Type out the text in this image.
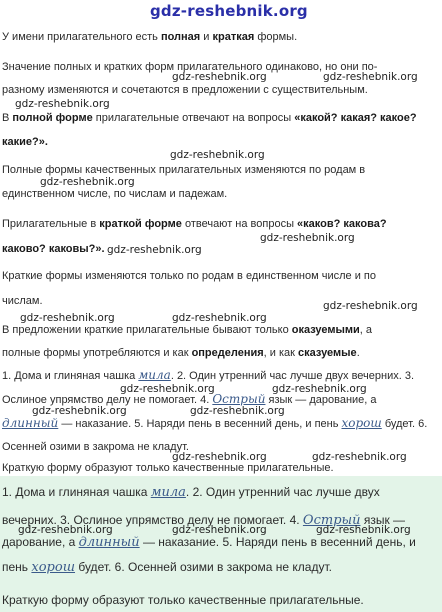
gdz-reshebnik.org
У имени прилагательного есть полная и краткая формы.
Значение полных и кратких форм прилагательного одинаково, но они по-
gdz-reshebnik.org	gdz-reshebnik.org
разному изменяются и сочетаются в предложении с существительным.
gdz-reshebnik.org
В полной форме прилагательные отвечают на вопросы «какой? какая? какое?
какие?».
gdz-reshebnik.org
Полные формы качественных прилагательных изменяются по родам в
gdz-reshebnik.org
единственном числе, по числам и падежам.
Прилагательные в краткой форме отвечают на вопросы «каков? какова?
gdz-reshebnik.org
каково? каковы?». gdz-reshebnik.org
Краткие формы изменяются только по родам в единственном числе и по
числам.	gdz-reshebnik.org
gdz-reshebnik.org	gdz-reshebnik.org
В предложении краткие прилагательные бывают только оказуемыми, а
полные формы употребляются и как определения, и как сказуемые.
1. Дома и глиняная чашка мила. 2. Один утренний час лучше двух вечерних. 3.
gdz-reshebnik.org	gdz-reshebnik.org
Ослиное упрямство делу не помогает. 4. Острый язык — дарование, а
gdz-reshebnik.org	gdz-reshebnik.org
длинный — наказание. 5. Наряди пень в весенний день, и пень хорош будет. 6.
Осенней озими в закрома не кладут.
gdz-reshebnik.org	gdz-reshebnik.org
Краткую форму образуют только качественные прилагательные.
1. Дома и глиняная чашка мила. 2. Один утренний час лучше двух
вечерних. 3. Ослиное упрямство делу не помогает. 4. Острый язык —
gdz-reshebnik.org	gdz-reshebnik.org	gdz-reshebnik.org
дарование, а длинный — наказание. 5. Наряди пень в весенний день, и
пень хорош будет. 6. Осенней озими в закрома не кладут.
Краткую форму образуют только качественные прилагательные.
